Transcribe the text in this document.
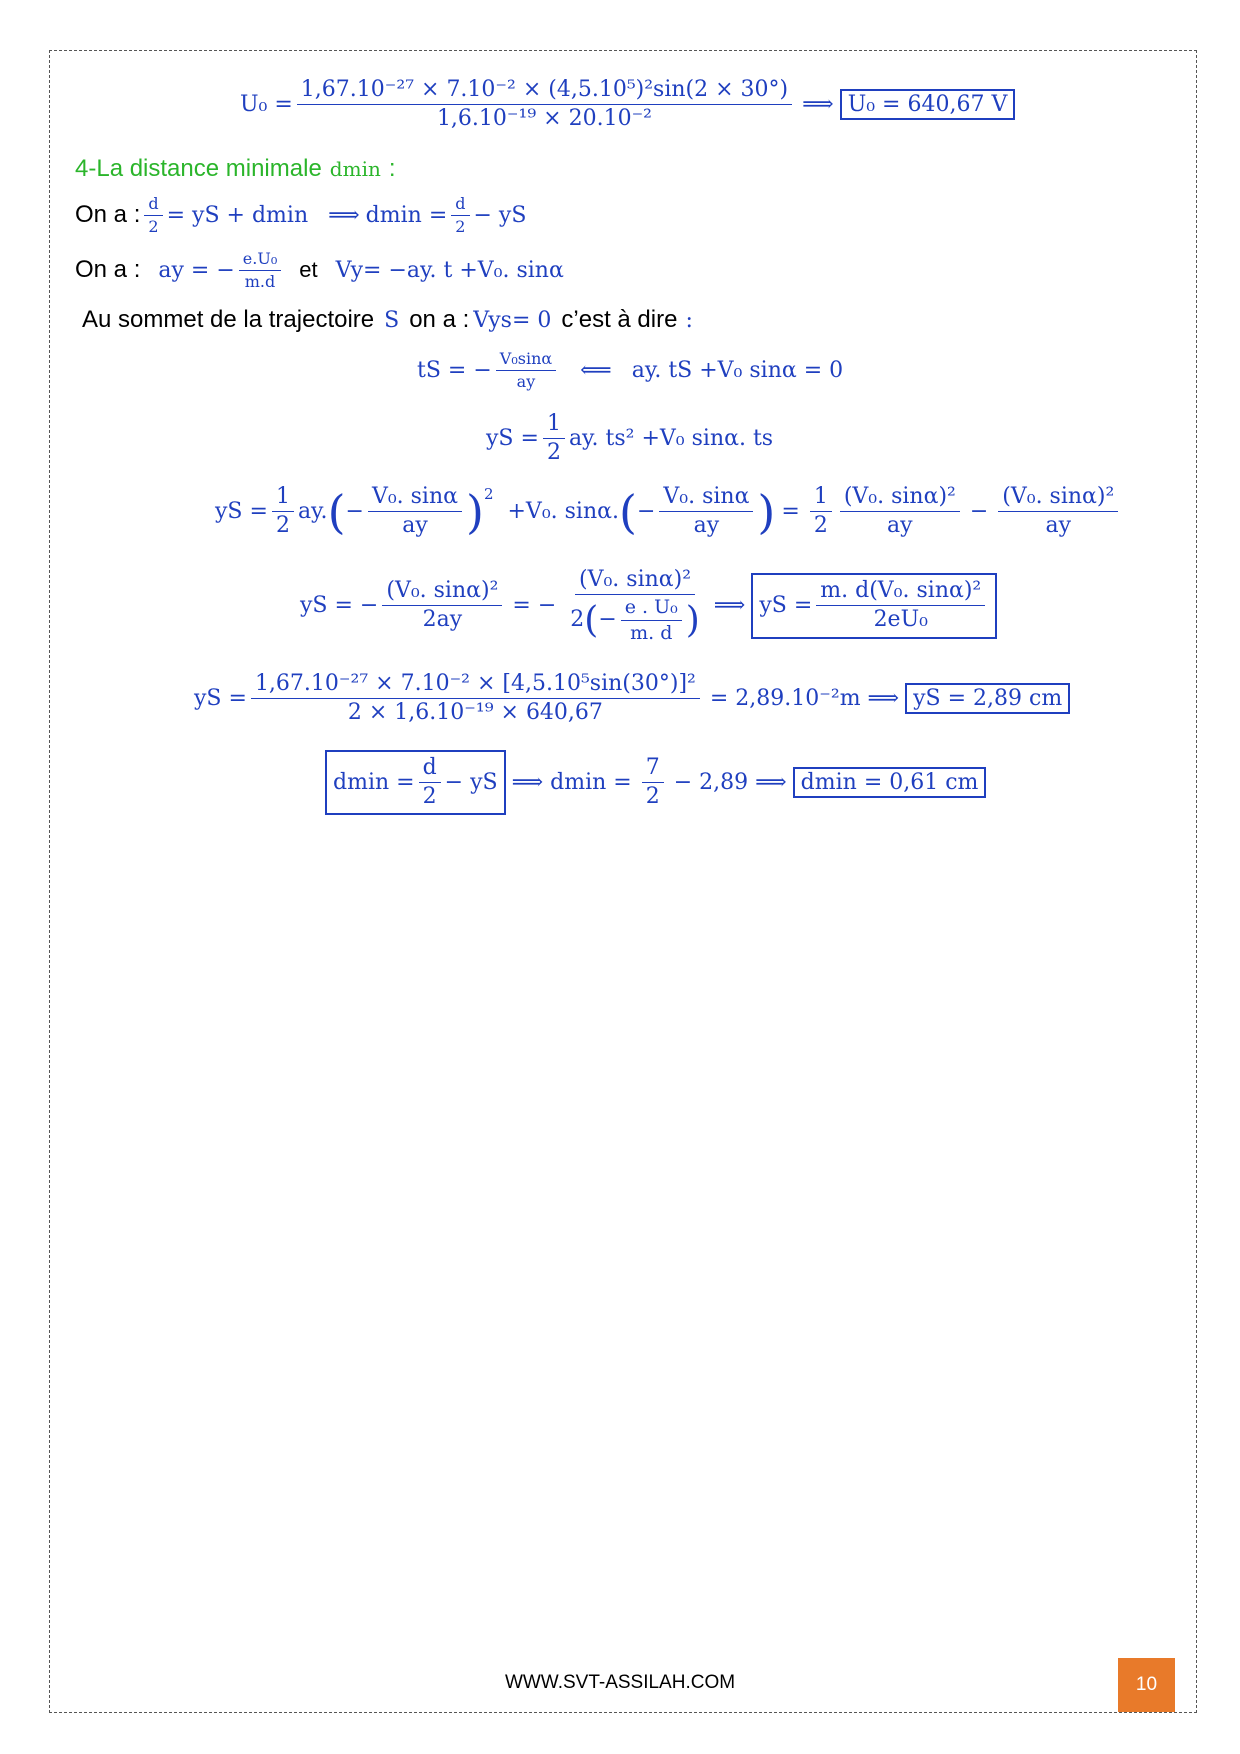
$U_0 = \frac{\text{1,67.10⁻²⁷ × 7.10⁻² × (4,5.10⁵)²sin(2 × 30°)}}{\text{1,6.10⁻¹⁹ × 20.10⁻²}}$ ⟹ U₀ = 640,67 V
4-La distance minimale dmin :
On a : $\frac{d}{2}$ = yS + dmin ⟹ $dmin = \frac{d}{2}$ − yS
On a : ay = − $\frac{\text{e.U₀}}{m.d}$ et Vy= −ay. t +V₀. sinα
Au sommet de la trajectoire S on a : Vys= 0 c’est à dire :
tS = − $\frac{\text{V₀sinα}}{ay}$ ⟸ ay. tS +V₀ sinα = 0
yS = $\frac{1}{2}$ ay. ts² +V₀ sinα. ts
yS = $\frac{1}{2}$ ay. ( − $\frac{\text{V₀. sinα}}{ay}$ ) 2
+V₀. sinα. ( − $\frac{\text{V₀. sinα}}{ay}$ ) = $\frac{1}{2} \frac{\text{(V₀. sinα)²}}{ay} - \frac{\text{(V₀. sinα)²}}{ay}$
yS = − $\frac{\text{(V₀. sinα)²}}{2ay}$ = − $\frac{\text{(V₀. sinα)²}}{2 ( - \frac{\text{e . U₀}}{m. d} )}$ ⟹ yS = $\frac{\text{m. d(V₀. sinα)²}}{\text{2eU₀}}$
yS = $\frac{\text{1,67.10⁻²⁷ × 7.10⁻² × [4,5.10⁵sin(30°)]²}}{\text{2 × 1,6.10⁻¹⁹ × 640,67}} = 2,89.10^{-2}m$ ⟹ yS = 2,89 cm
$dmin = \frac{d}{2}$ − yS ⟹ $dmin = \frac{7}{2} - 2,89$ ⟹ dmin = 0,61 cm
WWW.SVT-ASSILAH.COM	10
